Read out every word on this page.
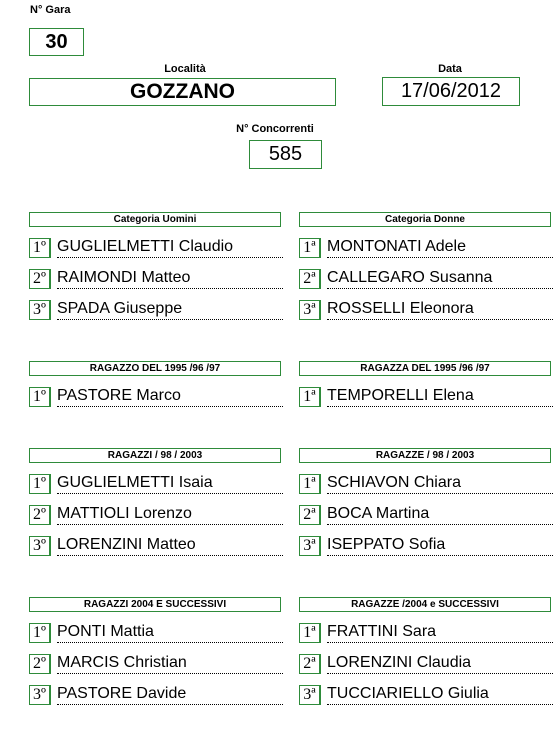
N° Gara
30
Località
GOZZANO
Data
17/06/2012
N° Concorrenti
585
Categoria Uomini
1º GUGLIELMETTI Claudio
2º RAIMONDI Matteo
3º SPADA Giuseppe
Categoria Donne
1ª MONTONATI Adele
2ª CALLEGARO Susanna
3ª ROSSELLI Eleonora
RAGAZZO DEL 1995 /96 /97
1º PASTORE Marco
RAGAZZA DEL 1995 /96 /97
1ª TEMPORELLI Elena
RAGAZZI / 98 / 2003
1º GUGLIELMETTI Isaia
2º MATTIOLI Lorenzo
3º LORENZINI Matteo
RAGAZZE / 98 / 2003
1ª SCHIAVON Chiara
2ª BOCA Martina
3ª ISEPPATO Sofia
RAGAZZI 2004 E SUCCESSIVI
1º PONTI Mattia
2º MARCIS Christian
3º PASTORE Davide
RAGAZZE /2004 e SUCCESSIVI
1ª FRATTINI Sara
2ª LORENZINI Claudia
3ª TUCCIARIELLO Giulia
